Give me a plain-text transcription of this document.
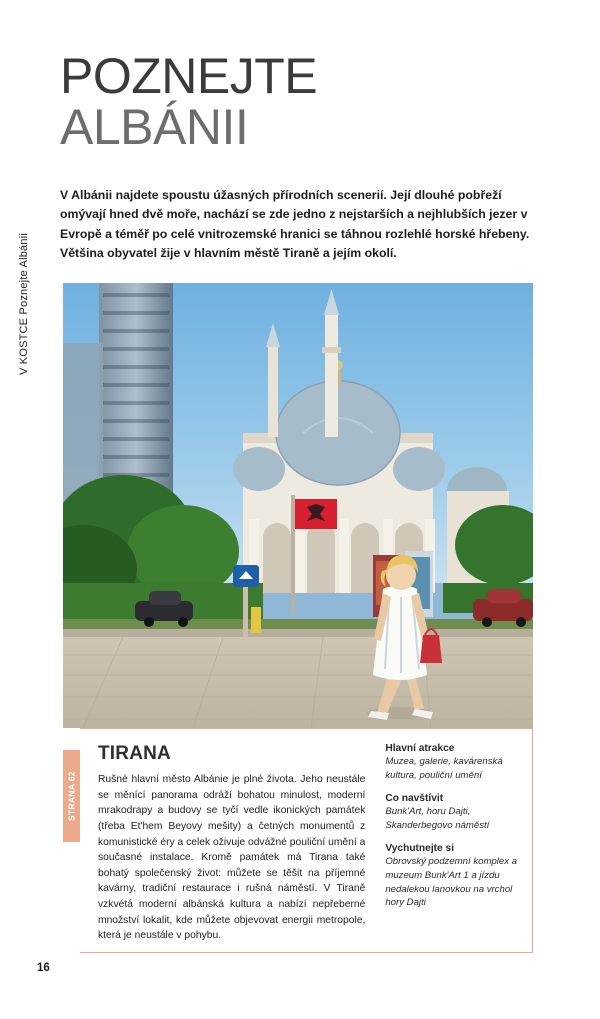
V KOSTCE Poznejte Albánii
POZNEJTE
ALBÁNII
V Albánii najdete spoustu úžasných přírodních scenerií. Její dlouhé pobřeží omývají hned dvě moře, nachází se zde jedno z nejstarších a nejhlubších jezer v Evropě a téměř po celé vnitrozemské hranici se táhnou rozlehlé horské hřebeny. Většina obyvatel žije v hlavním městě Tiraně a jejím okolí.
STRANA 62
TIRANA
Rušné hlavní město Albánie je plné života. Jeho neustále se měnící panorama odráží bohatou minulost, moderní mrakodrapy a budovy se tyčí vedle ikonických památek (třeba Et'hem Beyovy mešity) a četných monumentů z komunistické éry a celek oživuje odvážné pouliční umění a současné instalace. Kromě památek má Tirana také bohatý společenský život: můžete se těšit na příjemné kavárny, tradiční restaurace i rušná náměstí. V Tiraně vzkvétá moderní albánská kultura a nabízí nepřeberné množství lokalit, kde můžete objevovat energii metropole, která je neustále v pohybu.
Hlavní atrakce
Muzea, galerie, kavárenská kultura, pouliční umění
Co navštívit
Bunk'Art, horu Dajti, Skanderbegovo náměstí
Vychutnejte si
Obrovský podzemní komplex a muzeum Bunk'Art 1 a jízdu nedalekou lanovkou na vrchol hory Dajti
16
